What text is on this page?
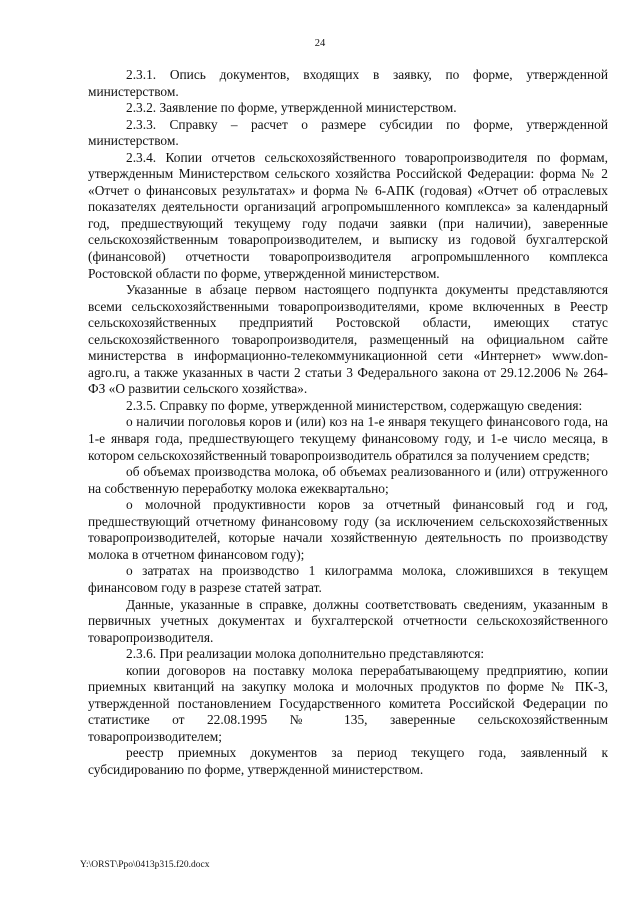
24

2.3.1. Опись документов, входящих в заявку, по форме, утвержденной министерством.

2.3.2. Заявление по форме, утвержденной министерством.

2.3.3. Справку – расчет о размере субсидии по форме, утвержденной министерством.

2.3.4. Копии отчетов сельскохозяйственного товаропроизводителя по формам, утвержденным Министерством сельского хозяйства Российской Федерации: форма № 2 «Отчет о финансовых результатах» и форма № 6-АПК (годовая) «Отчет об отраслевых показателях деятельности организаций агропромышленного комплекса» за календарный год, предшествующий текущему году подачи заявки (при наличии), заверенные сельскохозяйственным товаропроизводителем, и выписку из годовой бухгалтерской (финансовой) отчетности товаропроизводителя агропромышленного комплекса Ростовской области по форме, утвержденной министерством.

Указанные в абзаце первом настоящего подпункта документы представляются всеми сельскохозяйственными товаропроизводителями, кроме включенных в Реестр сельскохозяйственных предприятий Ростовской области, имеющих статус сельскохозяйственного товаропроизводителя, размещенный на официальном сайте министерства в информационно-телекоммуникационной сети «Интернет» www.don-agro.ru, а также указанных в части 2 статьи 3 Федерального закона от 29.12.2006 № 264-ФЗ «О развитии сельского хозяйства».

2.3.5. Справку по форме, утвержденной министерством, содержащую сведения:

о наличии поголовья коров и (или) коз на 1-е января текущего финансового года, на 1-е января года, предшествующего текущему финансовому году, и 1-е число месяца, в котором сельскохозяйственный товаропроизводитель обратился за получением средств;

об объемах производства молока, об объемах реализованного и (или) отгруженного на собственную переработку молока ежеквартально;

о молочной продуктивности коров за отчетный финансовый год и год, предшествующий отчетному финансовому году (за исключением сельскохозяйственных товаропроизводителей, которые начали хозяйственную деятельность по производству молока в отчетном финансовом году);

о затратах на производство 1 килограмма молока, сложившихся в текущем финансовом году в разрезе статей затрат.

Данные, указанные в справке, должны соответствовать сведениям, указанным в первичных учетных документах и бухгалтерской отчетности сельскохозяйственного товаропроизводителя.

2.3.6. При реализации молока дополнительно представляются:

копии договоров на поставку молока перерабатывающему предприятию, копии приемных квитанций на закупку молока и молочных продуктов по форме № ПК-3, утвержденной постановлением Государственного комитета Российской Федерации по статистике от 22.08.1995 № 135, заверенные сельскохозяйственным товаропроизводителем;

реестр приемных документов за период текущего года, заявленный к субсидированию по форме, утвержденной министерством.

Y:\ORST\Ppo\0413p315.f20.docx
